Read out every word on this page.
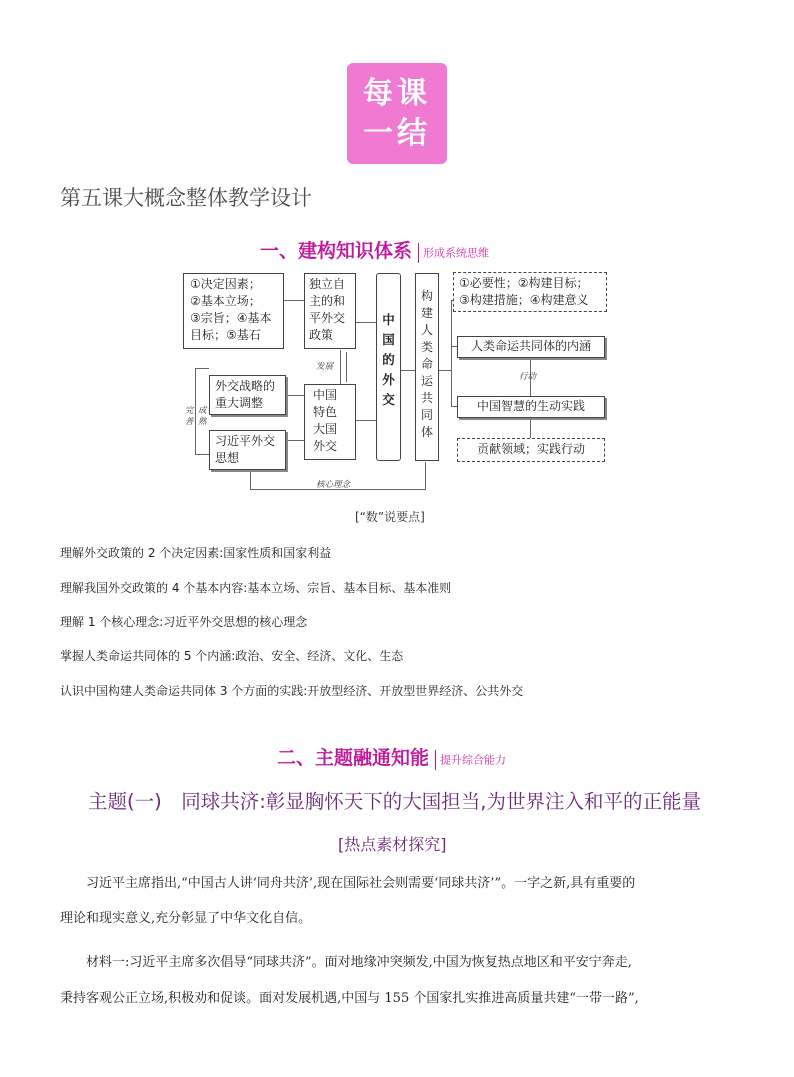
每课
一结
第五课大概念整体教学设计
一、建构知识体系 形成系统思维
①决定因素；
②基本立场；
③宗旨；④基本
目标；⑤基石
独立自
主的和
平外交
政策
发展
中国
特色
大国
外交
外交战略的
重大调整
习近平外交
思想
完善
成熟
中
国
的
外
交
构
建
人
类
命
运
共
同
体
①必要性；②构建目标；
③构建措施；④构建意义
人类命运共同体的内涵
行动
中国智慧的生动实践
贡献领域；实践行动
核心理念
[“数”说要点]
理解外交政策的 2 个决定因素:国家性质和国家利益
理解我国外交政策的 4 个基本内容:基本立场、宗旨、基本目标、基本准则
理解 1 个核心理念:习近平外交思想的核心理念
掌握人类命运共同体的 5 个内涵:政治、安全、经济、文化、生态
认识中国构建人类命运共同体 3 个方面的实践:开放型经济、开放型世界经济、公共外交
二、主题融通知能 提升综合能力
主题(一)　同球共济:彰显胸怀天下的大国担当,为世界注入和平的正能量
[热点素材探究]
　　习近平主席指出,“中国古人讲‘同舟共济’,现在国际社会则需要‘同球共济’”。一字之新,具有重要的
理论和现实意义,充分彰显了中华文化自信。
　　材料一:习近平主席多次倡导“同球共济”。面对地缘冲突频发,中国为恢复热点地区和平安宁奔走,
秉持客观公正立场,积极劝和促谈。面对发展机遇,中国与 155 个国家扎实推进高质量共建“一带一路”,
